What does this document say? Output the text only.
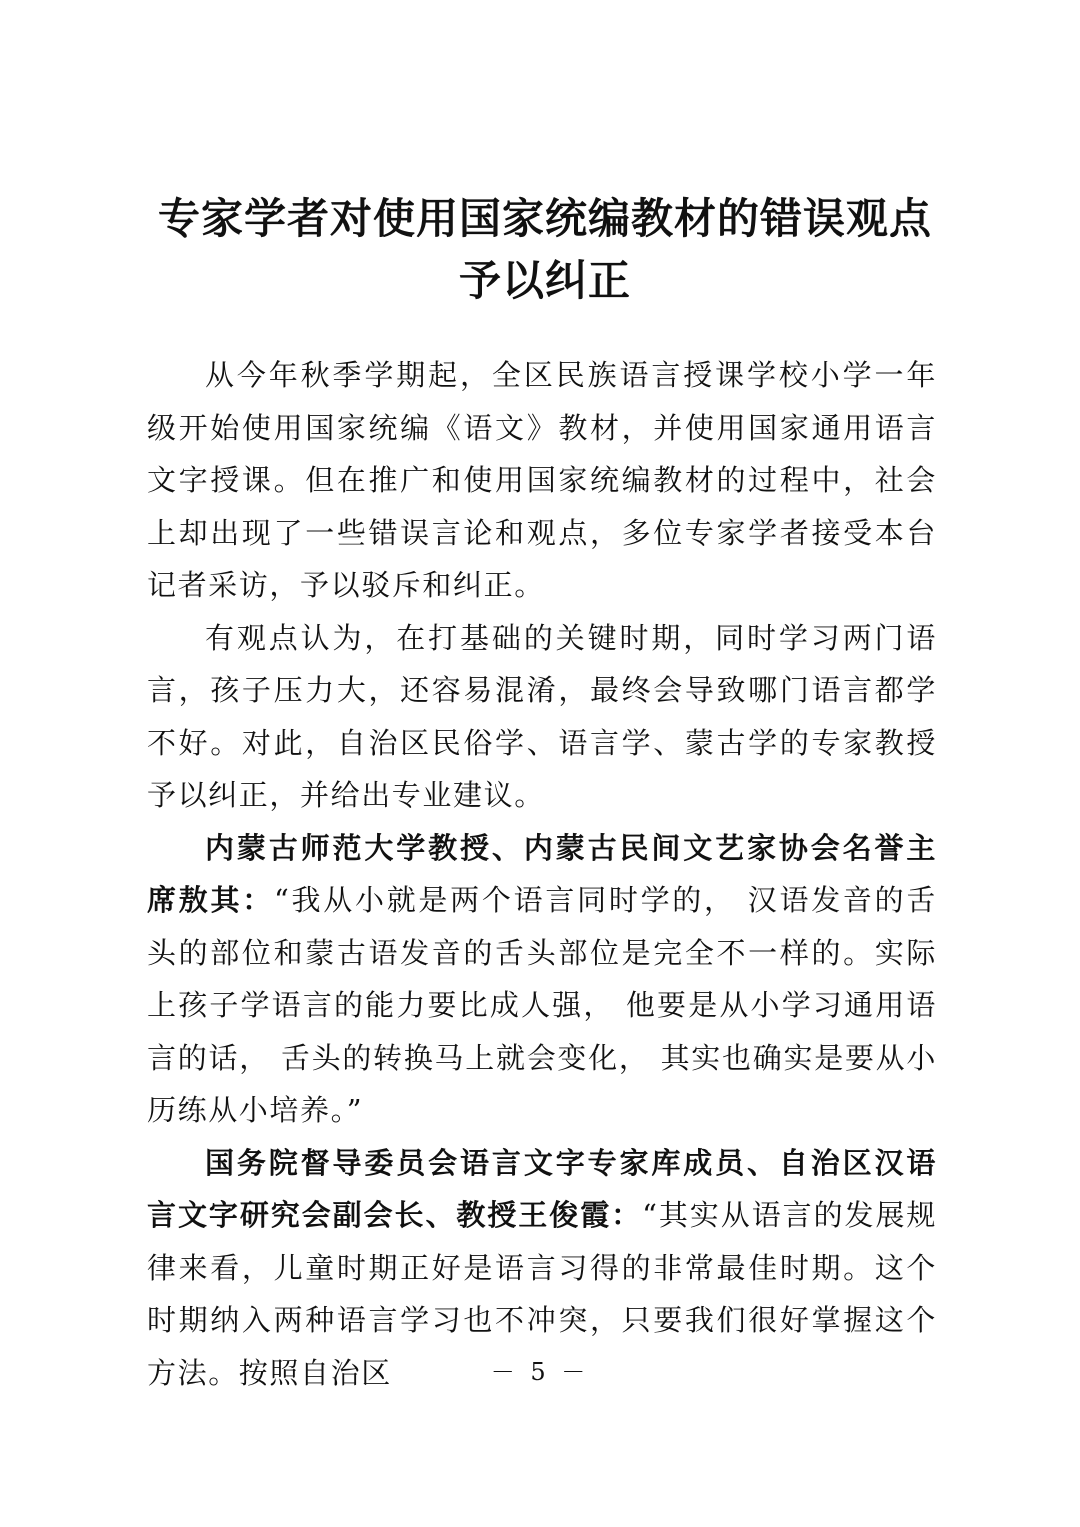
专家学者对使用国家统编教材的错误观点予以纠正

从今年秋季学期起，全区民族语言授课学校小学一年级开始使用国家统编《语文》教材，并使用国家通用语言文字授课。但在推广和使用国家统编教材的过程中，社会上却出现了一些错误言论和观点，多位专家学者接受本台记者采访，予以驳斥和纠正。

有观点认为，在打基础的关键时期，同时学习两门语言，孩子压力大，还容易混淆，最终会导致哪门语言都学不好。对此，自治区民俗学、语言学、蒙古学的专家教授予以纠正，并给出专业建议。

内蒙古师范大学教授、内蒙古民间文艺家协会名誉主席敖其：“我从小就是两个语言同时学的， 汉语发音的舌头的部位和蒙古语发音的舌头部位是完全不一样的。实际上孩子学语言的能力要比成人强， 他要是从小学习通用语言的话， 舌头的转换马上就会变化， 其实也确实是要从小历练从小培养。”

国务院督导委员会语言文字专家库成员、自治区汉语言文字研究会副会长、教授王俊霞：“其实从语言的发展规律来看，儿童时期正好是语言习得的非常最佳时期。这个时期纳入两种语言学习也不冲突，只要我们很好掌握这个方法。按照自治区	－ 5 －
